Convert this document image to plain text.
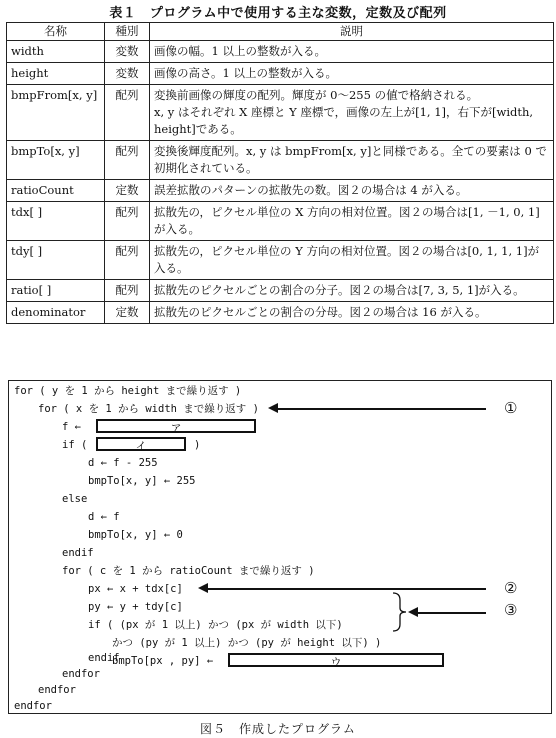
表１　プログラム中で使用する主な変数，定数及び配列
名称	種別	説明
width	変数	画像の幅。1 以上の整数が入る。
height	変数	画像の高さ。1 以上の整数が入る。
bmpFrom[x, y]	配列	変換前画像の輝度の配列。輝度が 0～255 の値で格納される。
x, y はそれぞれ X 座標と Y 座標で，画像の左上が[1, 1]，右下が[width, height]である。

bmpTo[x, y]	配列	変換後輝度配列。x, y は bmpFrom[x, y]と同様である。全ての要素は 0 で初期化されている。
ratioCount	定数	誤差拡散のパターンの拡散先の数。図２の場合は 4 が入る。
tdx[ ]	配列	拡散先の，ピクセル単位の X 方向の相対位置。図２の場合は[1, －1, 0, 1]が入る。
tdy[ ]	配列	拡散先の，ピクセル単位の Y 方向の相対位置。図２の場合は[0, 1, 1, 1]が入る。
ratio[ ]	配列	拡散先のピクセルごとの割合の分子。図２の場合は[7, 3, 5, 1]が入る。
denominator	定数	拡散先のピクセルごとの割合の分母。図２の場合は 16 が入る。
for ( y を 1 から height まで繰り返す )
for ( x を 1 から width まで繰り返す )
f ←	ア
if (	イ	)
d ← f - 255
bmpTo[x, y] ← 255
else
d ← f
bmpTo[x, y] ← 0
endif
for ( c を 1 から ratioCount まで繰り返す )
px ← x + tdx[c]
py ← y + tdy[c]
if ( (px が 1 以上) かつ (px が width 以下)
かつ (py が 1 以上) かつ (py が height 以下) )
bmpTo[px , py] ←	ウ
endif
endfor
endfor
①
②
③
図５　作成したプログラム
endfor
